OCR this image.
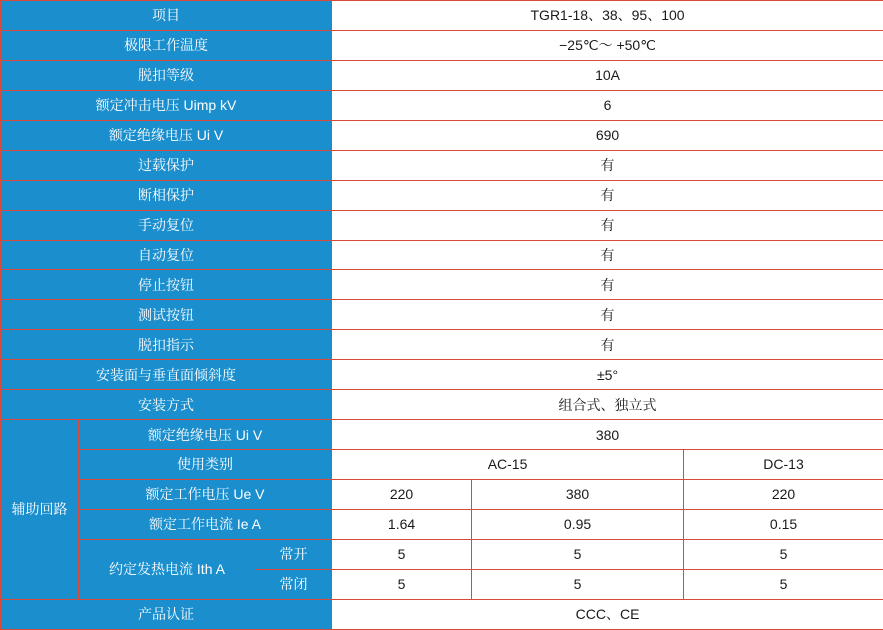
项目			TGR1-18、38、95、100		
极限工作温度			−25℃～ +50℃		
脱扣等级			10A		
额定冲击电压 Uimp kV			6		
额定绝缘电压 Ui V			690		
过载保护			有		
断相保护			有		
手动复位			有		
自动复位			有		
停止按钮			有		
测试按钮			有		
脱扣指示			有		
安装面与垂直面倾斜度			±5°		
安装方式			组合式、独立式		
辅助回路	额定绝缘电压 Ui V		380		
	使用类别		AC-15		DC-13
	额定工作电压 Ue V		220	380	220
	额定工作电流 Ie A		1.64	0.95	0.15
	约定发热电流 Ith A	常开	5	5	5
		常闭	5	5	5
产品认证			CCC、CE		
